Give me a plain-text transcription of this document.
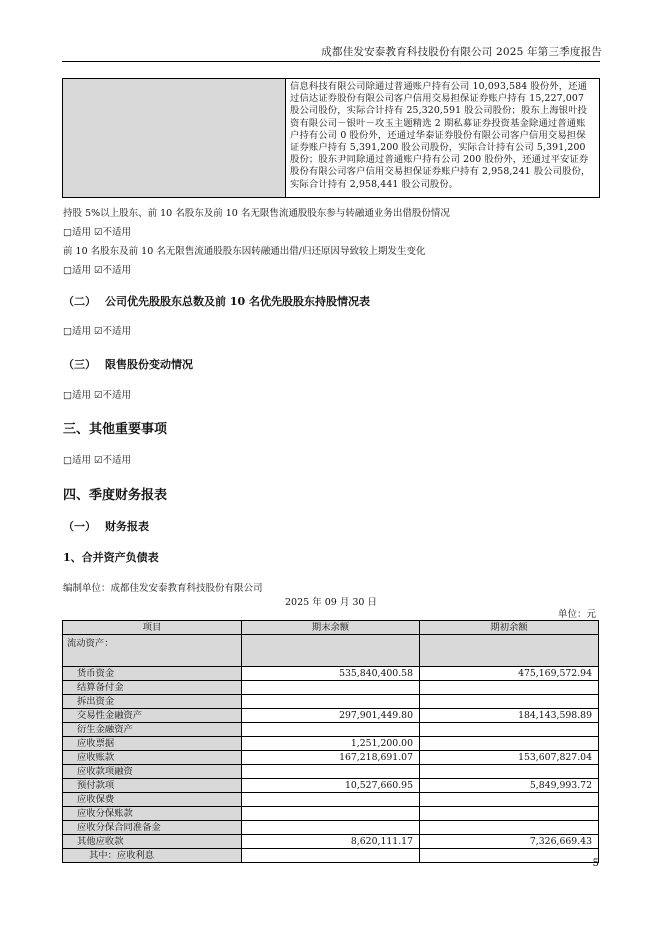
成都佳发安泰教育科技股份有限公司 2025 年第三季度报告
信息科技有限公司除通过普通账户持有公司 10,093,584 股份外，还通过信达证券股份有限公司客户信用交易担保证券账户持有 15,227,007 股公司股份，实际合计持有 25,320,591 股公司股份；股东上海银叶投资有限公司－银叶－攻玉主题精选 2 期私募证券投资基金除通过普通账户持有公司 0 股份外，还通过华泰证券股份有限公司客户信用交易担保证券账户持有 5,391,200 股公司股份，实际合计持有公司 5,391,200 股份；股东尹同除通过普通账户持有公司 200 股份外，还通过平安证券股份有限公司客户信用交易担保证券账户持有 2,958,241 股公司股份，实际合计持有 2,958,441 股公司股份。
持股 5%以上股东、前 10 名股东及前 10 名无限售流通股股东参与转融通业务出借股份情况
□适用 ☑不适用
前 10 名股东及前 10 名无限售流通股股东因转融通出借/归还原因导致较上期发生变化
□适用 ☑不适用
（二） 公司优先股股东总数及前 10 名优先股股东持股情况表
□适用 ☑不适用
（三） 限售股份变动情况
□适用 ☑不适用
三、其他重要事项
□适用 ☑不适用
四、季度财务报表
（一） 财务报表
1、合并资产负债表
编制单位：成都佳发安泰教育科技股份有限公司
2025 年 09 月 30 日
单位：元
项目	期末余额	期初余额
流动资产：		
货币资金	535,840,400.58	475,169,572.94
结算备付金		
拆出资金		
交易性金融资产	297,901,449.80	184,143,598.89
衍生金融资产		
应收票据	1,251,200.00	
应收账款	167,218,691.07	153,607,827.04
应收款项融资		
预付款项	10,527,660.95	5,849,993.72
应收保费		
应收分保账款		
应收分保合同准备金		
其他应收款	8,620,111.17	7,326,669.43
其中：应收利息		
5
